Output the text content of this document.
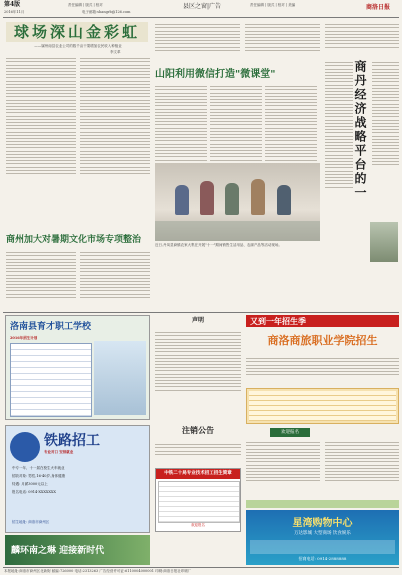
第4版
2016年11月
责任编辑 | 版式 | 校对	县区之窗|广告	责任编辑 | 版式 | 校对 | 美编	商洛日报
电子邮箱:shangrb@126.com
球场深山金彩虹
——属州南县农业公司的数千亩干果增加农民收入种植业
李文革
山阳利用微信打造"微课堂"
近日,丹凤县商镇农家大集在开展"十一"期间销售生活用品、农副产品等活动现场。
商丹经济战略平台的一
商州加大对暑期文化市场专项整治
洛南县育才职工学校
2016年招生计划
铁路招工
专业对口 安排就业
中专一年、十一届在校生火车就业
招收对象: 男性,16-40岁,身体健康
待遇: 月薪3000元以上
报名电话: 0914-XXXXXXX
招生地址: 商洛市商州区
麟环南之琳 迎接新时代
声明
注销公告
中铁二十局专业技术招工招生简章
欢迎报名
又到一年招生季
商洛商旅职业学院招生
欢迎报名
星湾购物中心
万达影城 大型商场 饮食娱乐
招商电话: 0914-2888888
本报地址:商洛市商州区北新街 邮编:726000 电话:2313263 广告经营许可证:6110004000001 印刷:商洛日报社印刷厂
